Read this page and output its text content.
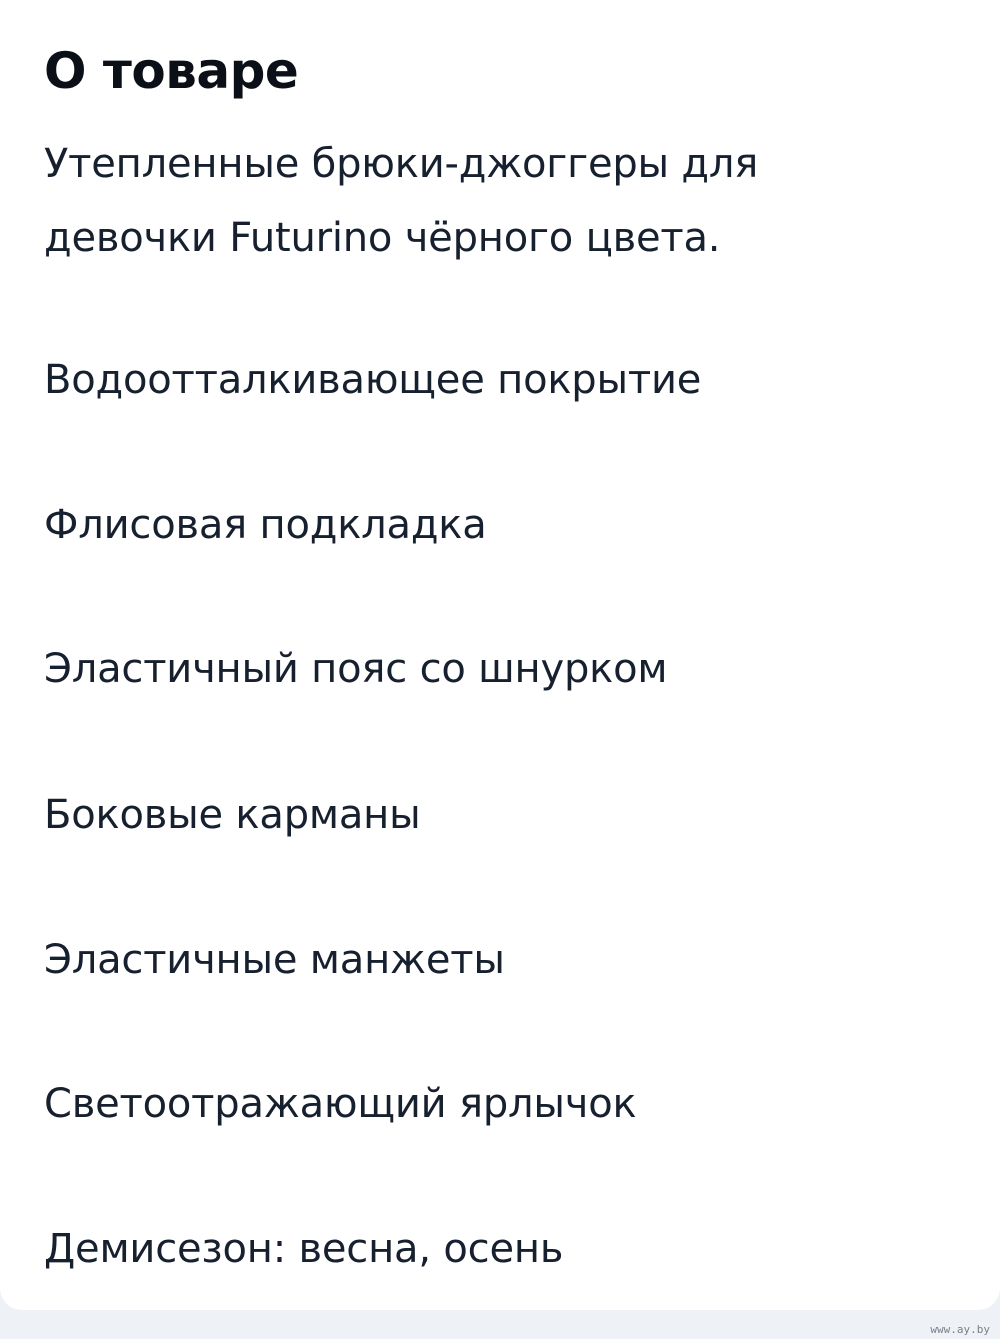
О товаре

Утепленные брюки-джоггеры для

девочки Futurino чёрного цвета.

Водоотталкивающее покрытие

Флисовая подкладка

Эластичный пояс со шнурком

Боковые карманы

Эластичные манжеты

Светоотражающий ярлычок

Демисезон: весна, осень

www.ay.by
